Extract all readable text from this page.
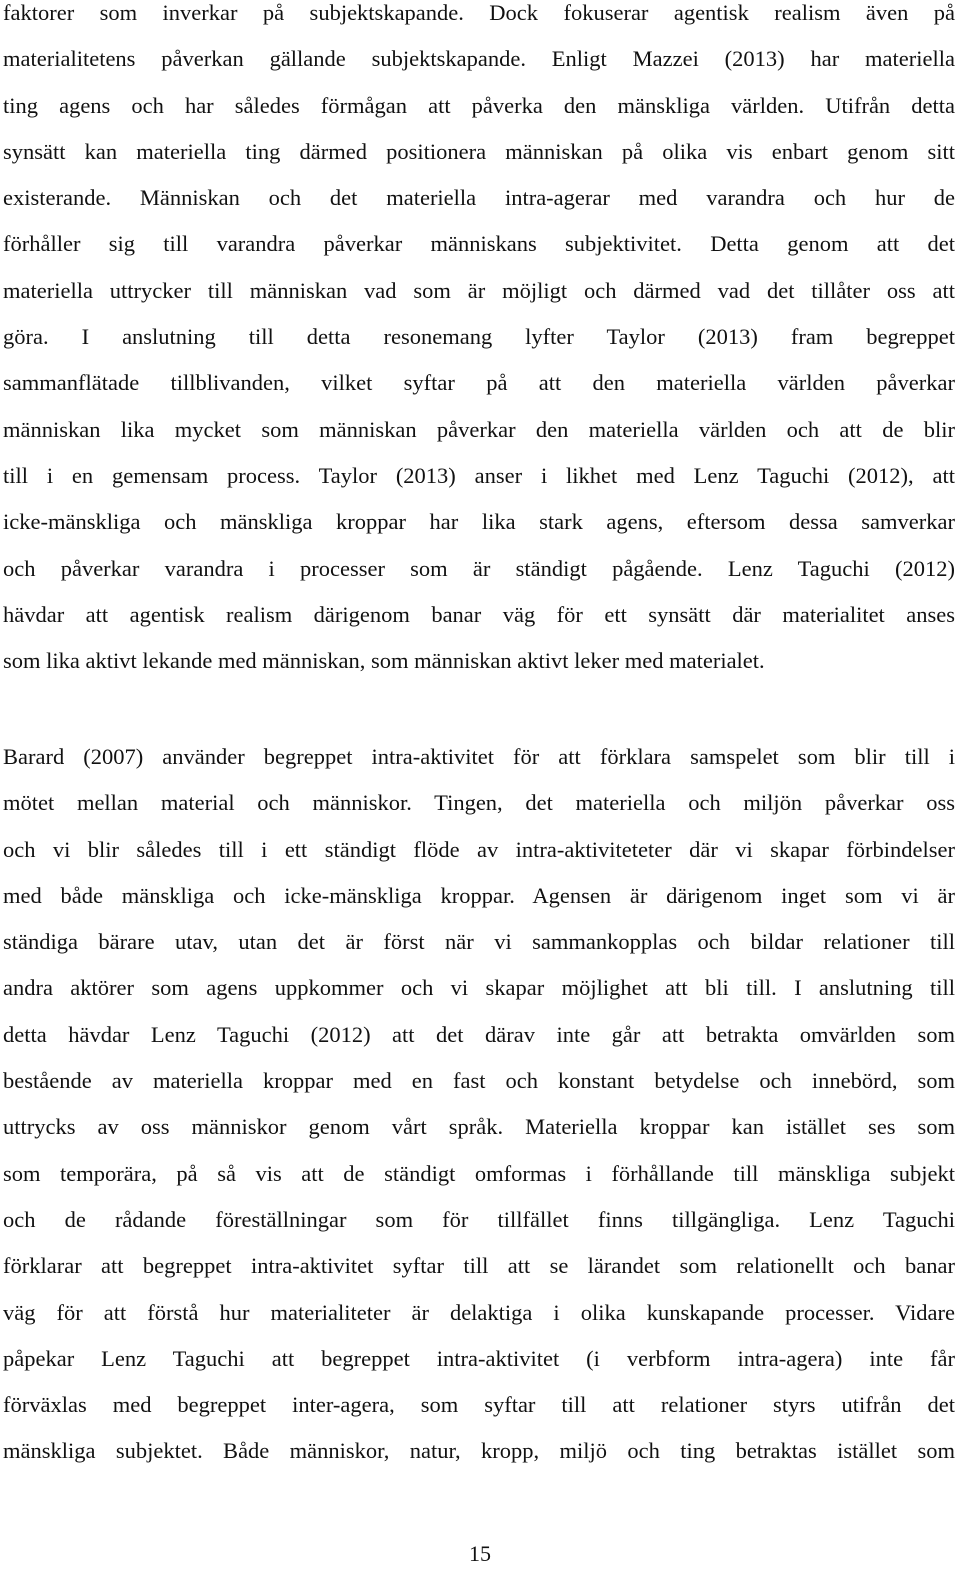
faktorer som inverkar på subjektskapande. Dock fokuserar agentisk realism även på
materialitetens påverkan gällande subjektskapande. Enligt Mazzei (2013) har materiella
ting agens och har således förmågan att påverka den mänskliga världen. Utifrån detta
synsätt kan materiella ting därmed positionera människan på olika vis enbart genom sitt
existerande. Människan och det materiella intra-agerar med varandra och hur de
förhåller sig till varandra påverkar människans subjektivitet. Detta genom att det
materiella uttrycker till människan vad som är möjligt och därmed vad det tillåter oss att
göra. I anslutning till detta resonemang lyfter Taylor (2013) fram begreppet
sammanflätade tillblivanden, vilket syftar på att den materiella världen påverkar
människan lika mycket som människan påverkar den materiella världen och att de blir
till i en gemensam process. Taylor (2013) anser i likhet med Lenz Taguchi (2012), att
icke-mänskliga och mänskliga kroppar har lika stark agens, eftersom dessa samverkar
och påverkar varandra i processer som är ständigt pågående. Lenz Taguchi (2012)
hävdar att agentisk realism därigenom banar väg för ett synsätt där materialitet anses
som lika aktivt lekande med människan, som människan aktivt leker med materialet.
Barard (2007) använder begreppet intra-aktivitet för att förklara samspelet som blir till i
mötet mellan material och människor. Tingen, det materiella och miljön påverkar oss
och vi blir således till i ett ständigt flöde av intra-aktiviteteter där vi skapar förbindelser
med både mänskliga och icke-mänskliga kroppar. Agensen är därigenom inget som vi är
ständiga bärare utav, utan det är först när vi sammankopplas och bildar relationer till
andra aktörer som agens uppkommer och vi skapar möjlighet att bli till. I anslutning till
detta hävdar Lenz Taguchi (2012) att det därav inte går att betrakta omvärlden som
bestående av materiella kroppar med en fast och konstant betydelse och innebörd, som
uttrycks av oss människor genom vårt språk. Materiella kroppar kan istället ses som
som temporära, på så vis att de ständigt omformas i förhållande till mänskliga subjekt
och de rådande föreställningar som för tillfället finns tillgängliga. Lenz Taguchi
förklarar att begreppet intra-aktivitet syftar till att se lärandet som relationellt och banar
väg för att förstå hur materialiteter är delaktiga i olika kunskapande processer. Vidare
påpekar Lenz Taguchi att begreppet intra-aktivitet (i verbform intra-agera) inte får
förväxlas med begreppet inter-agera, som syftar till att relationer styrs utifrån det
mänskliga subjektet. Både människor, natur, kropp, miljö och ting betraktas istället som
15
